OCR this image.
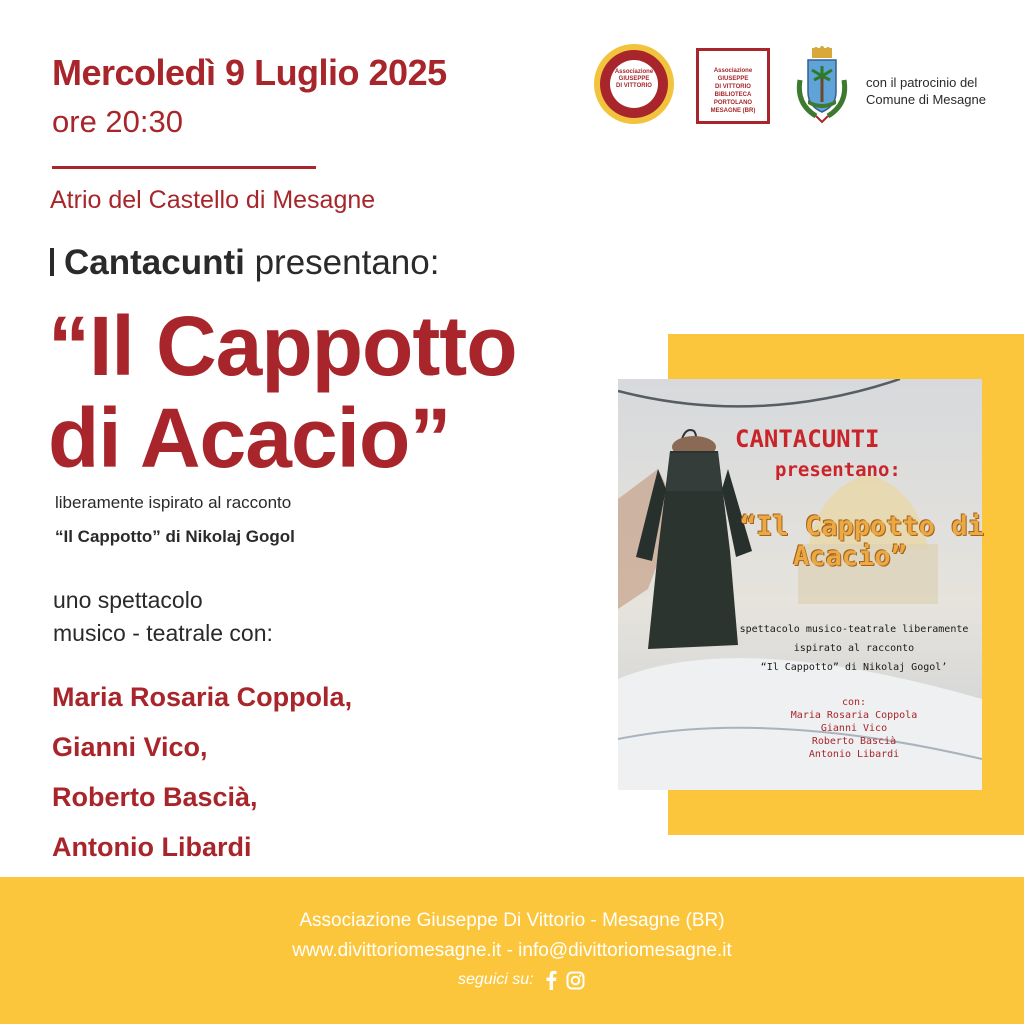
Mercoledì 9 Luglio 2025
ore 20:30
Atrio del Castello di Mesagne
Cantacunti presentano:
“Il Cappotto
di Acacio”
liberamente ispirato al racconto
“Il Cappotto” di Nikolaj Gogol
uno spettacolo
musico - teatrale con:
Maria Rosaria Coppola,
Gianni Vico,
Roberto Bascià,
Antonio Libardi
Associazione
GIUSEPPE
DI VITTORIO
Associazione
GIUSEPPE
DI VITTORIO
BIBLIOTECA PORTOLANO
MESAGNE (BR)
con il patrocinio del
Comune di Mesagne
CANTACUNTI
presentano:
“Il Cappotto di
Acacio”
spettacolo musico-teatrale liberamente
ispirato al racconto
“Il Cappotto” di Nikolaj Gogol’
con:
Maria Rosaria Coppola
Gianni Vico
Roberto Bascià
Antonio Libardi
Associazione Giuseppe Di Vittorio - Mesagne (BR)
www.divittoriomesagne.it - info@divittoriomesagne.it
seguici su:
